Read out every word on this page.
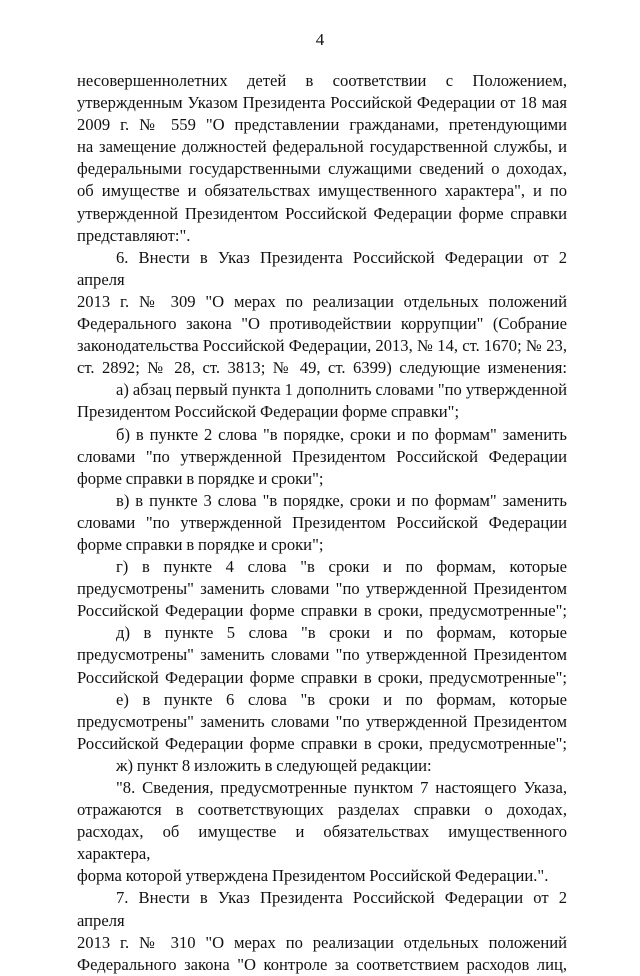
4
несовершеннолетних детей в соответствии с Положением,
утвержденным Указом Президента Российской Федерации от 18 мая
2009 г. № 559 "О представлении гражданами, претендующими
на замещение должностей федеральной государственной службы, и
федеральными государственными служащими сведений о доходах,
об имуществе и обязательствах имущественного характера", и по
утвержденной Президентом Российской Федерации форме справки
представляют:".
6. Внести в Указ Президента Российской Федерации от 2 апреля
2013 г. № 309 "О мерах по реализации отдельных положений
Федерального закона "О противодействии коррупции" (Собрание
законодательства Российской Федерации, 2013, № 14, ст. 1670; № 23,
ст. 2892; № 28, ст. 3813; № 49, ст. 6399) следующие изменения:
а) абзац первый пункта 1 дополнить словами "по утвержденной
Президентом Российской Федерации форме справки";
б) в пункте 2 слова "в порядке, сроки и по формам" заменить
словами "по утвержденной Президентом Российской Федерации
форме справки в порядке и сроки";
в) в пункте 3 слова "в порядке, сроки и по формам" заменить
словами "по утвержденной Президентом Российской Федерации
форме справки в порядке и сроки";
г) в пункте 4 слова "в сроки и по формам, которые
предусмотрены" заменить словами "по утвержденной Президентом
Российской Федерации форме справки в сроки, предусмотренные";
д) в пункте 5 слова "в сроки и по формам, которые
предусмотрены" заменить словами "по утвержденной Президентом
Российской Федерации форме справки в сроки, предусмотренные";
е) в пункте 6 слова "в сроки и по формам, которые
предусмотрены" заменить словами "по утвержденной Президентом
Российской Федерации форме справки в сроки, предусмотренные";
ж) пункт 8 изложить в следующей редакции:
"8. Сведения, предусмотренные пунктом 7 настоящего Указа,
отражаются в соответствующих разделах справки о доходах,
расходах, об имуществе и обязательствах имущественного характера,
форма которой утверждена Президентом Российской Федерации.".
7. Внести в Указ Президента Российской Федерации от 2 апреля
2013 г. № 310 "О мерах по реализации отдельных положений
Федерального закона "О контроле за соответствием расходов лиц,
